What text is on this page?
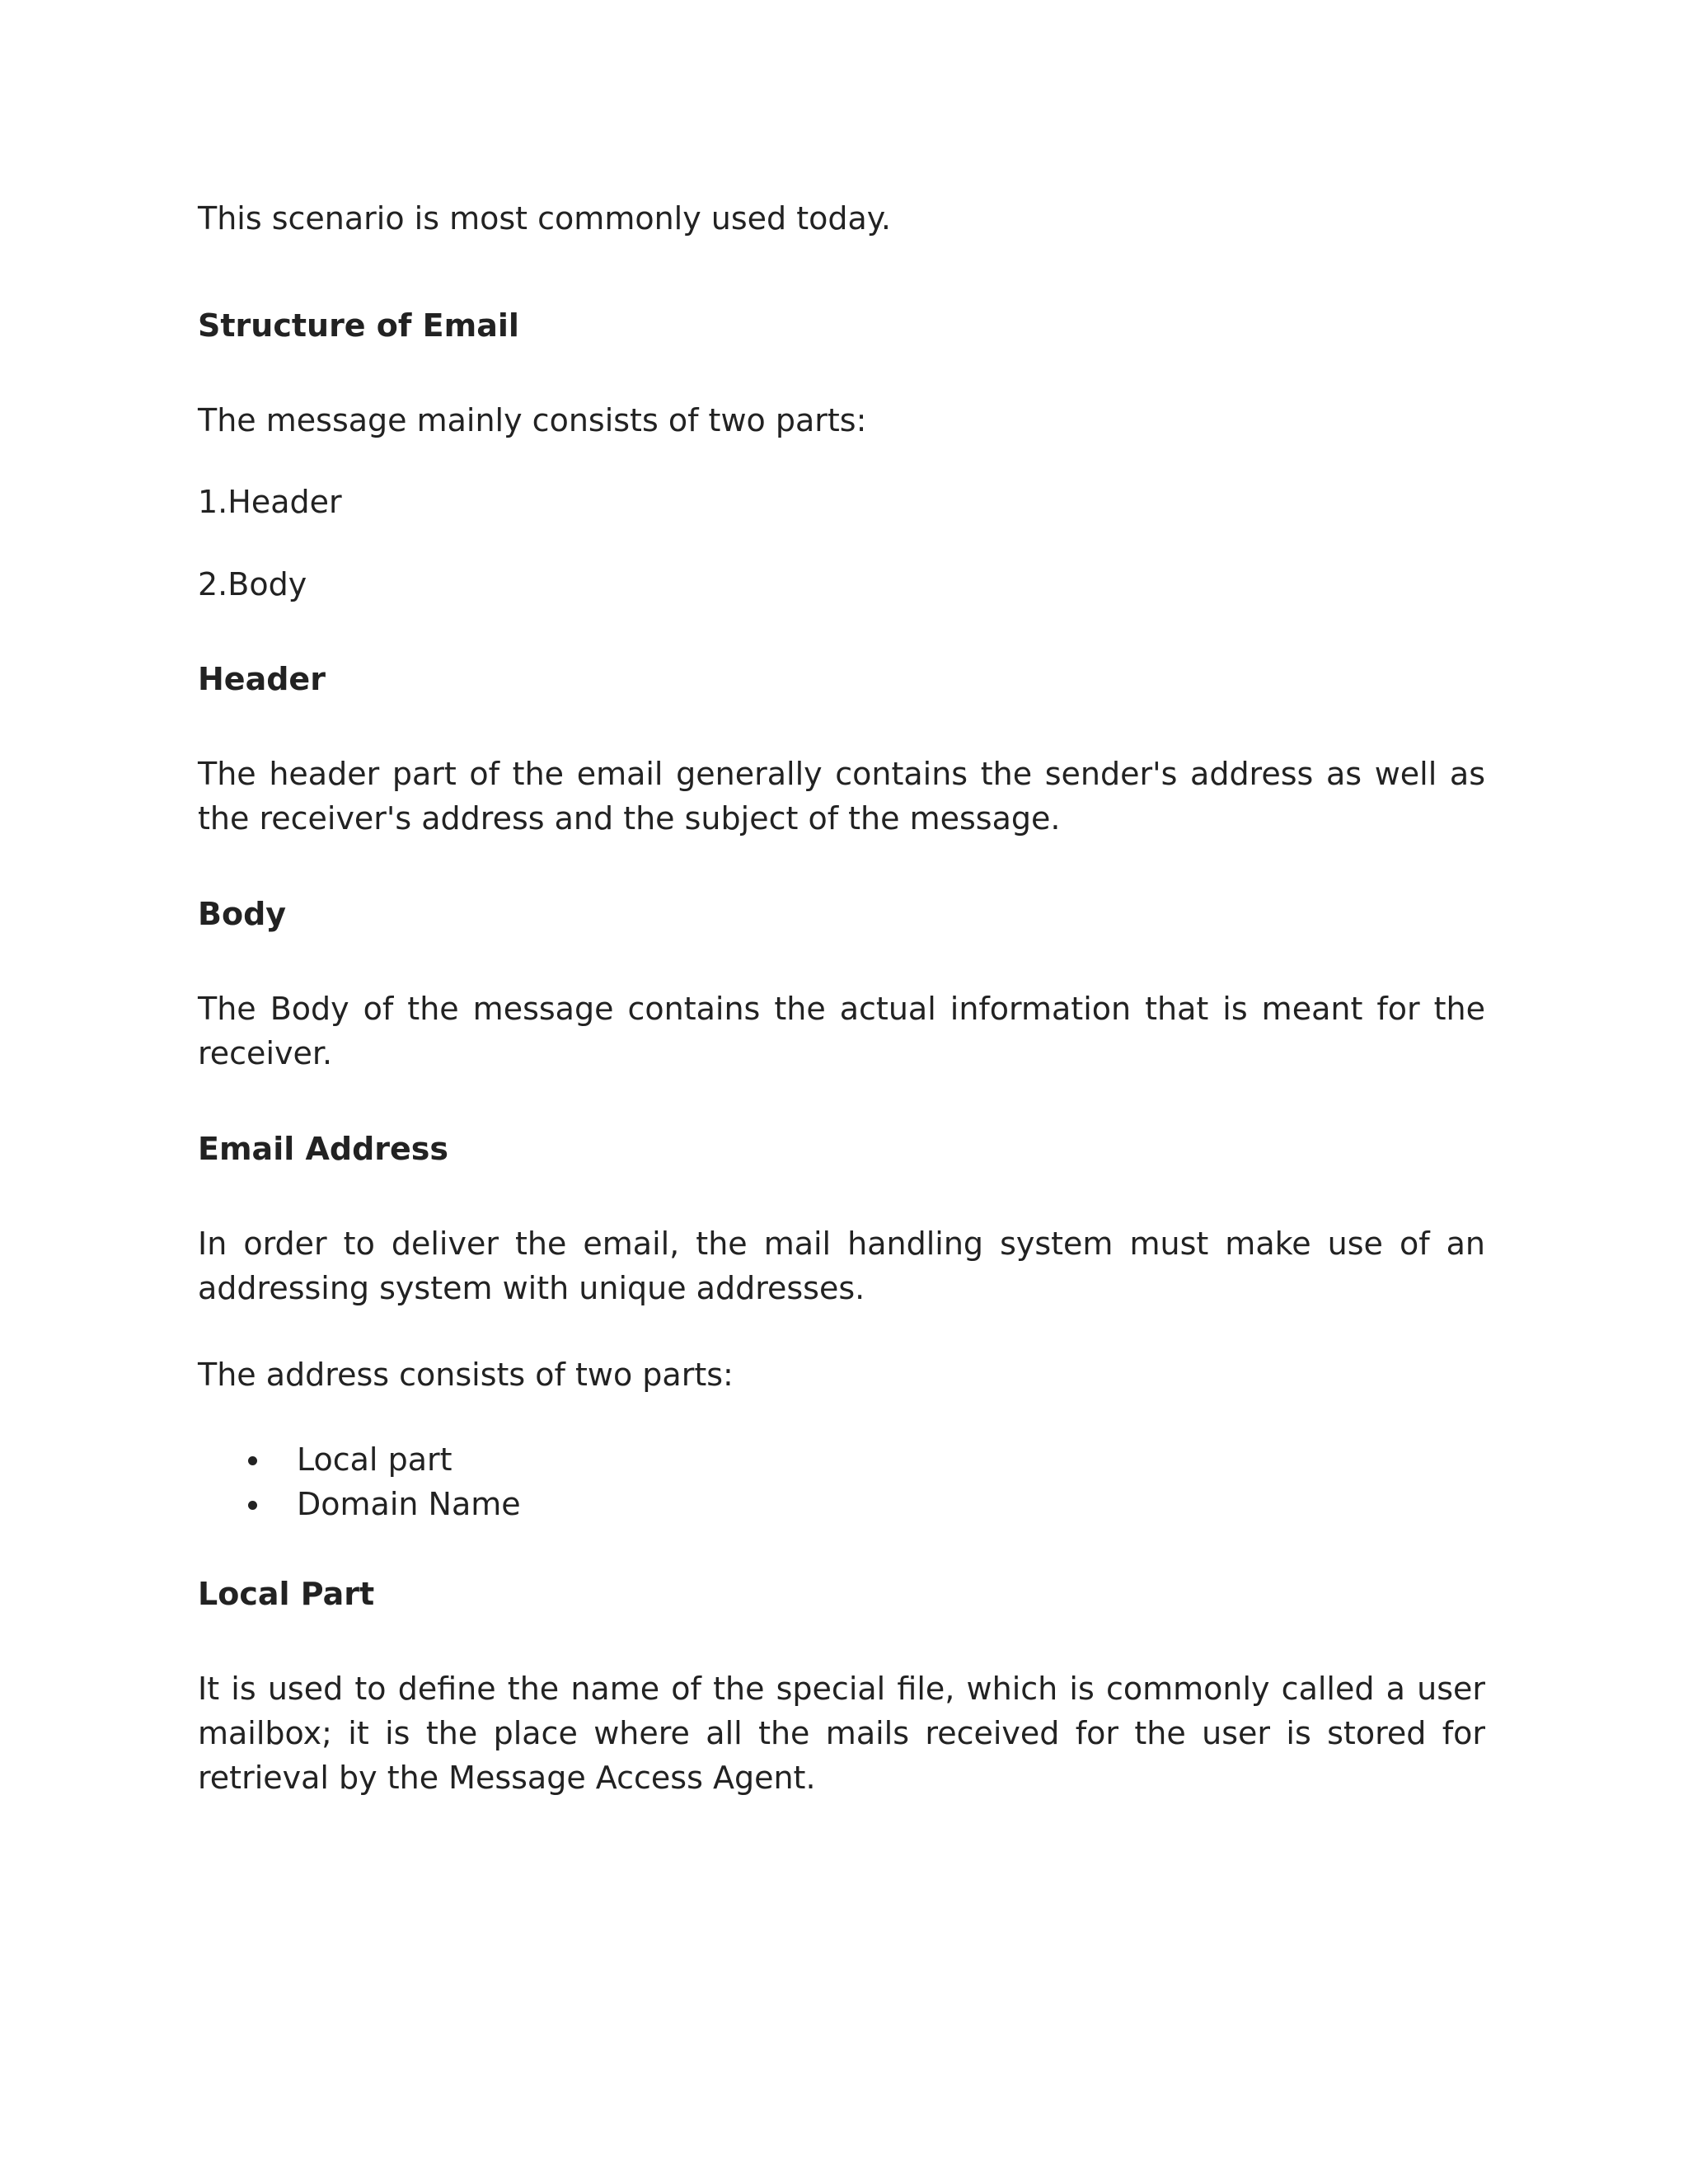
This scenario is most commonly used today.

Structure of Email

The message mainly consists of two parts:

1.Header

2.Body

Header

The header part of the email generally contains the sender's address as well as the receiver's address and the subject of the message.

Body

The Body of the message contains the actual information that is meant for the receiver.

Email Address

In order to deliver the email, the mail handling system must make use of an addressing system with unique addresses.

The address consists of two parts:

Local part
Domain Name

Local Part

It is used to define the name of the special file, which is commonly called a user mailbox; it is the place where all the mails received for the user is stored for retrieval by the Message Access Agent.
